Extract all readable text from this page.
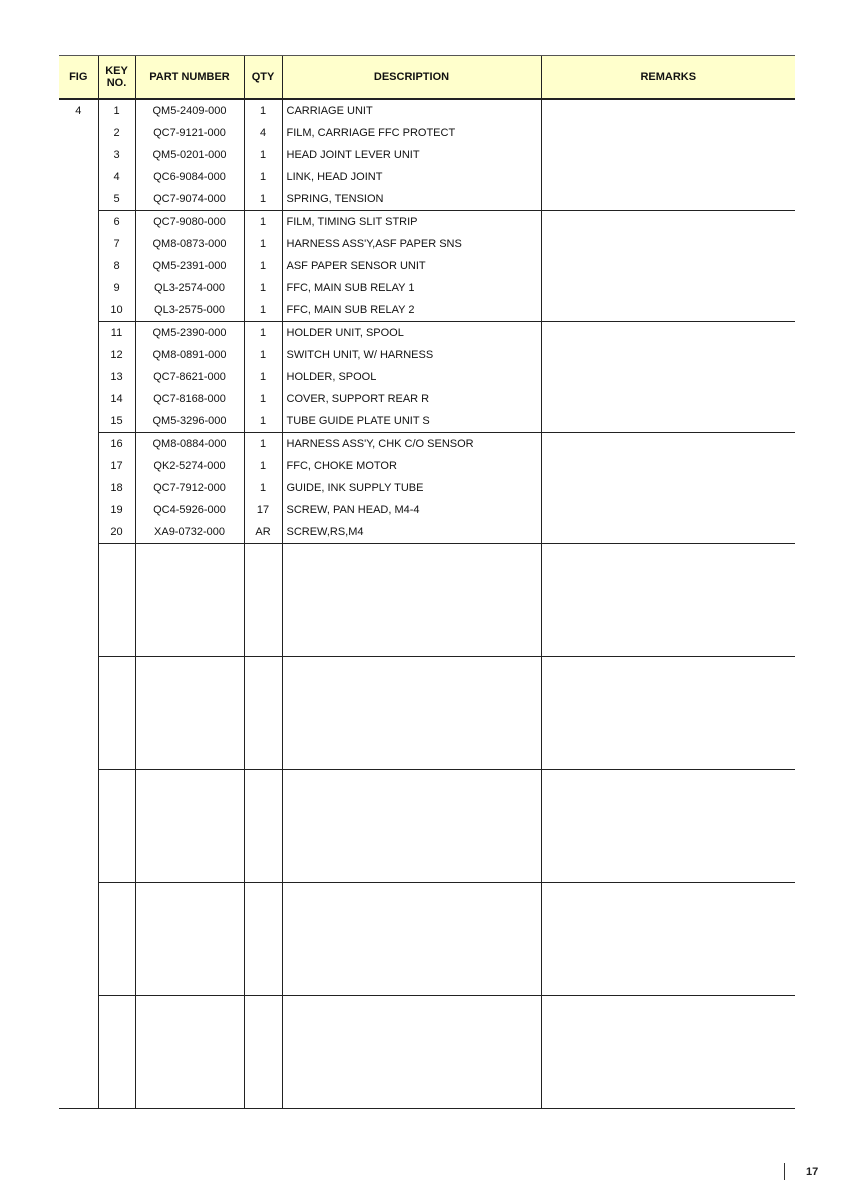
FIG	KEY NO.	PART NUMBER	QTY	DESCRIPTION	REMARKS
4	1	QM5-2409-000	1	CARRIAGE UNIT	
	2	QC7-9121-000	4	FILM, CARRIAGE FFC PROTECT	
	3	QM5-0201-000	1	HEAD JOINT LEVER UNIT	
	4	QC6-9084-000	1	LINK, HEAD JOINT	
	5	QC7-9074-000	1	SPRING, TENSION	
	6	QC7-9080-000	1	FILM, TIMING SLIT STRIP	
	7	QM8-0873-000	1	HARNESS ASS'Y,ASF PAPER SNS	
	8	QM5-2391-000	1	ASF PAPER SENSOR UNIT	
	9	QL3-2574-000	1	FFC, MAIN SUB RELAY 1	
	10	QL3-2575-000	1	FFC, MAIN SUB RELAY 2	
	11	QM5-2390-000	1	HOLDER UNIT, SPOOL	
	12	QM8-0891-000	1	SWITCH UNIT, W/ HARNESS	
	13	QC7-8621-000	1	HOLDER, SPOOL	
	14	QC7-8168-000	1	COVER, SUPPORT REAR R	
	15	QM5-3296-000	1	TUBE GUIDE PLATE UNIT S	
	16	QM8-0884-000	1	HARNESS ASS'Y, CHK C/O SENSOR	
	17	QK2-5274-000	1	FFC, CHOKE MOTOR	
	18	QC7-7912-000	1	GUIDE, INK SUPPLY TUBE	
	19	QC4-5926-000	17	SCREW, PAN HEAD, M4-4	
	20	XA9-0732-000	AR	SCREW,RS,M4	

17
